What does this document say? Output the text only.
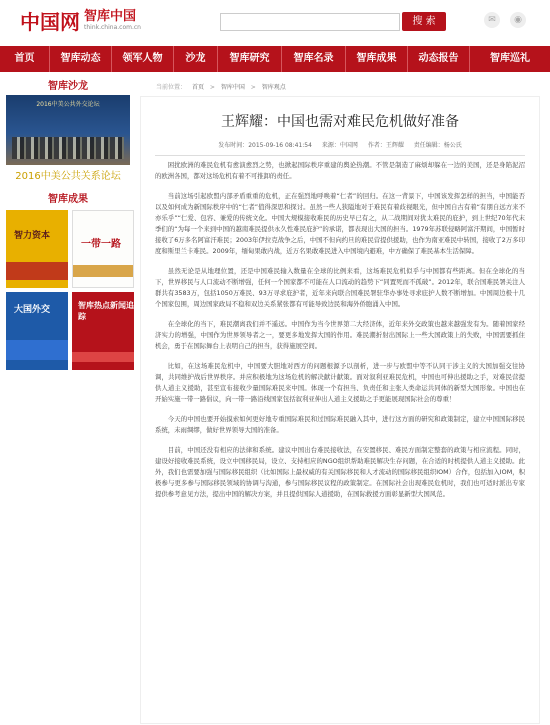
中国网 智库中国
think.china.com.cn
搜 索	✉	◉
首页	智库动态	领军人物	沙龙	智库研究	智库名录	智库成果	动态报告	智库巡礼
智库沙龙
2016中美公共外交论坛
2016中美公共关系论坛
智库成果
智力资本
一带一路
大国外交	智库热点新闻追踪
当前位置： 首页 > 智库中国 > 智库观点
王辉耀：中国也需对难民危机做好准备
发布时间：2015-09-16 08:41:54 来源：中国网 作者：王辉耀 责任编辑：杨公氏

困扰欧洲的难民危机有愈演愈烈之势，也掀起国际秩序重建的舆论热潮。不管是制造了麻烦却躲在一边的美国，还是身陷泥沼的欧洲各国，都对这场危机有着不可推卸的责任。

当前这场引起欧盟内部矛盾重重的危机，正在强烈地呼唤着“仁者”的回归。在这一背景下，中国该发挥怎样的担当，中国能否以及如何成为新国际秩序中的“仁者”值得深思和探讨。虽然一些人狭隘地对于难民有着歧视眼光，但中国自古有着“有朋自远方来不亦乐乎”“仁爱、包容、兼爱的传统文化。中国大规模接收难民的历史早已有之，从二战期间对犹太难民的庇护，到上世纪70年代末季们的“为每一个来到中国的越南难民提供永久性难民庇护”的承诺，都表现出大国的担当。1979年苏联侵略阿富汗期间，中国暂时接收了6万多名阿富汗难民；2003年伊拉克战争之后，中国不但向约旦的难民营提供援助，也作为南亚难民中转国，接收了2万多印度和斯里兰卡难民。2009年，缅甸果敢内战，近万名果敢难民进入中国境内避难，中方确保了难民基本生活保障。

虽然无论是从地理位置，还是中国难民输入数量在全球的比例来看，这场难民危机似乎与中国都有些距离。但在全球化的当下，世界移民与人口流动不断增强，任何一个国家都不可能在人口流动的趋势下“同置死而不孤破”。2012年，联合国难民署关注人群共有3583万，包括1050万难民、93万寻求庇护者，近年来向联合国难民署驻华办事处寻求庇护人数不断增加。中国周边极十几个国家包围，周边国家政局不稳和双边关系紧张都有可能导致边民和海外侨胞涌入中国。

在全球化的当下，难民潮离我们并不遥远。中国作为当今世界第二大经济体，近年来外交政策也越来越强发有为。随着国家经济实力的增强，中国作为世界领导者之一，要更多地发挥大国的作用。难民潮折射出国际上一些大国政策上的失败，中国需要抓住机会，勇于在国际舞台上表明自己的担当，获得施展空间。

比如，在这场难民危机中，中国要大胆地对西方的问题根源予以剖析，进一步与欧盟中等不认同干涉主义的大国加强交往协调，共同维护战后世界秩序。并应积极地为这场危机的解决献计献策。面对叙利亚难民危机，中国也可伸出援助之手，对难民营提供人道主义援助，甚至宣布接收少量国际难民来中国。体现一个有担当、负责任和主张人类命运共同体的新型大国形象。中国也在开始实施一带一路倡议，向一带一路沿线国家包括叙利亚伸出人道主义援助之手更能展现国际社会的尊重！

今天的中国也要开始摸索如何更好地专重国际难民和过国际难民融入其中，进行这方面的研究和政策制定，建立中国国际移民系统，未雨绸缪，做好世界领导大国的准备。

目前，中国还没有相应的法律和系统。建议中国出台难民接收法，在安置移民、难民方面制定整套的政策与相应流程。同时，建设好接收难民系统，设立中国移民局，设立、支持相应的NGO组织帮助难民解决生存问题，在合适的时机提供人道主义援助。此外，我们也需要加强与国际移民组织（比如国际上最权威的有关国际移民和人才流动的国际移民组织IOM）合作，包括加入IOM，积极参与更多参与国际移民领域的协调与沟通，参与国际移民议程的政策制定。在国际社会出现难民危机时，我们也可适时派出专家提供参考意见方法，提出中国的解决方案，并且提供国际人道援助，在国际救援方面彰显新型大国风范。
